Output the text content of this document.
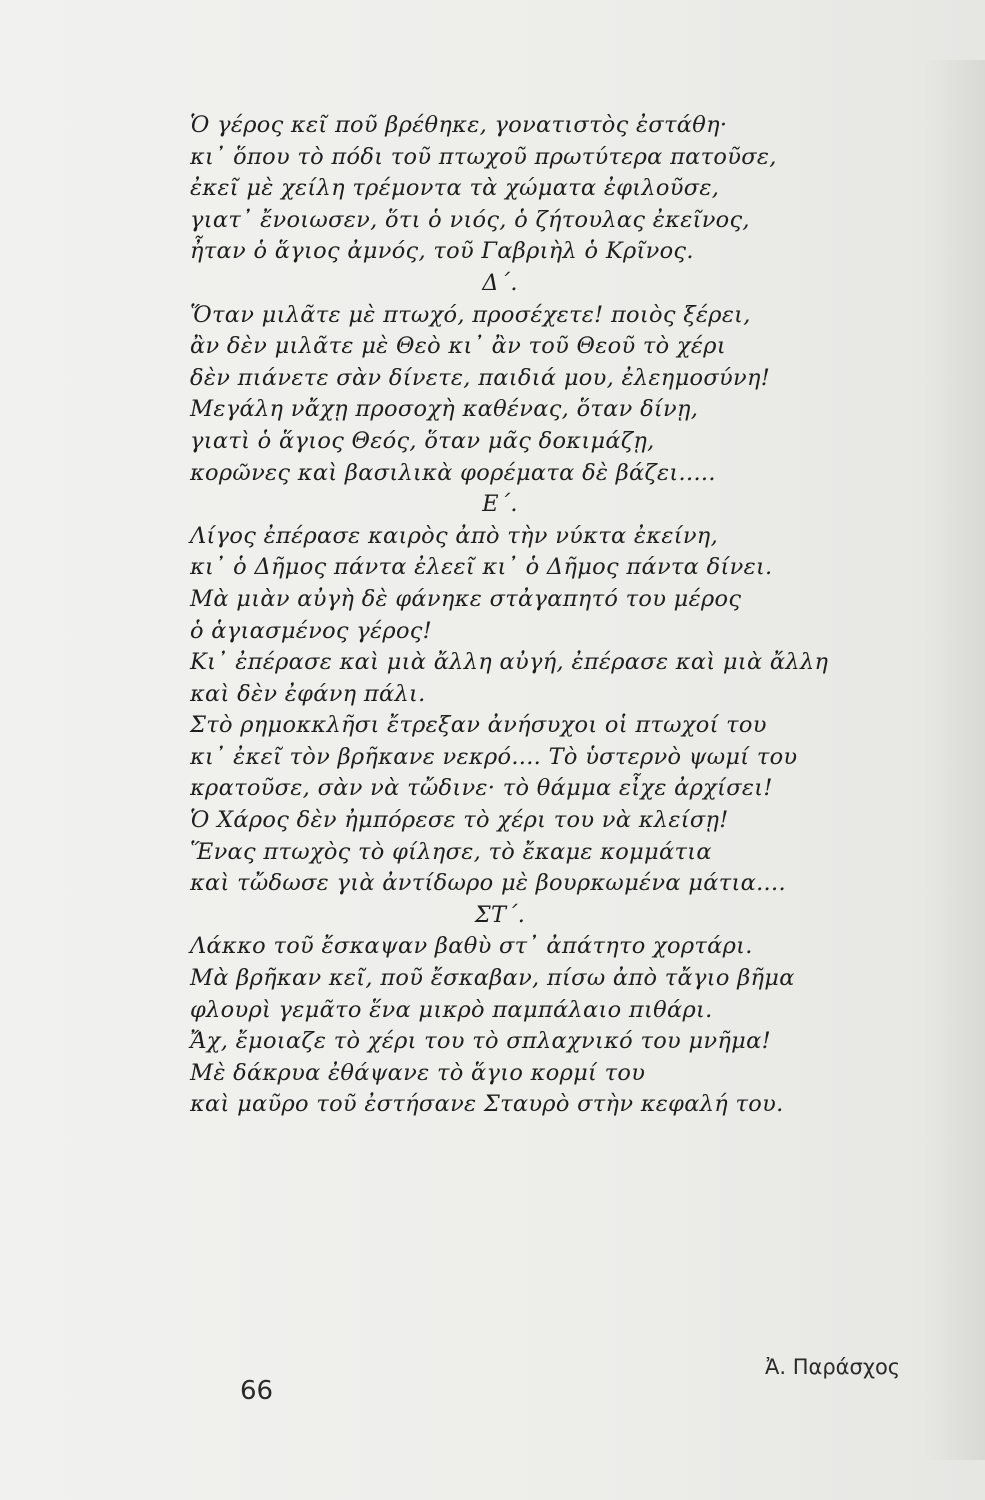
Ὁ γέρος κεῖ ποῦ βρέθηκε, γονατιστὸς ἐστάθη·
κι᾽ ὅπου τὸ πόδι τοῦ πτωχοῦ πρωτύτερα πατοῦσε,
ἐκεῖ μὲ χείλη τρέμοντα τὰ χώματα ἐφιλοῦσε,
γιατ᾽ ἔνοιωσεν, ὅτι ὁ νιός, ὁ ζήτουλας ἐκεῖνος,
ἦταν ὁ ἅγιος ἀμνός, τοῦ Γαβριὴλ ὁ Κρῖνος.
Δ΄.
Ὅταν μιλᾶτε μὲ πτωχό, προσέχετε! ποιὸς ξέρει,
ἂν δὲν μιλᾶτε μὲ Θεὸ κι᾽ ἂν τοῦ Θεοῦ τὸ χέρι
δὲν πιάνετε σὰν δίνετε, παιδιά μου, ἐλεημοσύνη!
Μεγάλη νἄχῃ προσοχὴ καθένας, ὅταν δίνῃ,
γιατὶ ὁ ἅγιος Θεός, ὅταν μᾶς δοκιμάζῃ,
κορῶνες καὶ βασιλικὰ φορέματα δὲ βάζει.....
Ε΄.
Λίγος ἐπέρασε καιρὸς ἀπὸ τὴν νύκτα ἐκείνη,
κι᾽ ὁ Δῆμος πάντα ἐλεεῖ κι᾽ ὁ Δῆμος πάντα δίνει.
Μὰ μιὰν αὐγὴ δὲ φάνηκε στἀγαπητό του μέρος
ὁ ἁγιασμένος γέρος!
Κι᾽ ἐπέρασε καὶ μιὰ ἄλλη αὐγή, ἐπέρασε καὶ μιὰ ἄλλη
καὶ δὲν ἐφάνη πάλι.
Στὸ ρημοκκλῆσι ἔτρεξαν ἀνήσυχοι οἱ πτωχοί του
κι᾽ ἐκεῖ τὸν βρῆκανε νεκρό.... Τὸ ὑστερνὸ ψωμί του
κρατοῦσε, σὰν νὰ τὤδινε· τὸ θάμμα εἶχε ἀρχίσει!
Ὁ Χάρος δὲν ἠμπόρεσε τὸ χέρι του νὰ κλείσῃ!
Ἕνας πτωχὸς τὸ φίλησε, τὸ ἔκαμε κομμάτια
καὶ τὤδωσε γιὰ ἀντίδωρο μὲ βουρκωμένα μάτια....
ΣΤ΄.
Λάκκο τοῦ ἔσκαψαν βαθὺ στ᾽ ἀπάτητο χορτάρι.
Μὰ βρῆκαν κεῖ, ποῦ ἔσκαβαν, πίσω ἀπὸ τἄγιο βῆμα
φλουρὶ γεμᾶτο ἕνα μικρὸ παμπάλαιο πιθάρι.
Ἄχ, ἔμοιαζε τὸ χέρι του τὸ σπλαχνικό του μνῆμα!
Μὲ δάκρυα ἐθάψανε τὸ ἅγιο κορμί του
καὶ μαῦρο τοῦ ἐστήσανε Σταυρὸ στὴν κεφαλή του.
Ἀ. Παράσχος
66
